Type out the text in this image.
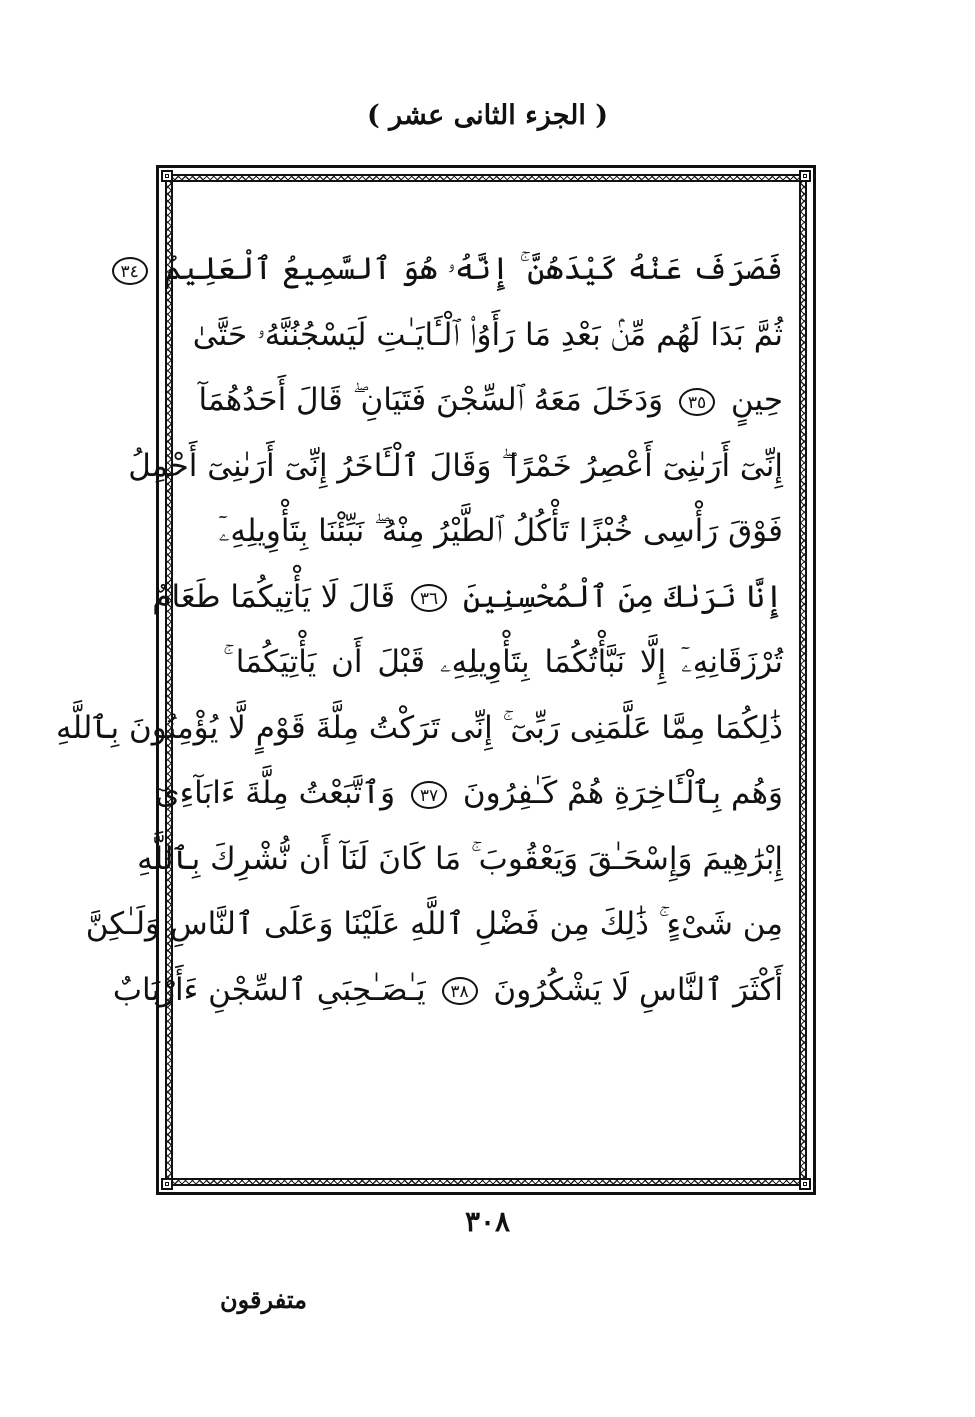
( الجزء الثانى عشر )
فَصَرَفَ عَنْهُ كَيْدَهُنَّ ۚ إِنَّهُۥ هُوَ ٱلسَّمِيعُ ٱلْعَلِيمُ ٣٤
ثُمَّ بَدَا لَهُم مِّنۢ بَعْدِ مَا رَأَوُا۟ ٱلْـَٔايَـٰتِ لَيَسْجُنُنَّهُۥ حَتَّىٰ
حِينٍ ٣٥ وَدَخَلَ مَعَهُ ٱلسِّجْنَ فَتَيَانِ ۖ قَالَ أَحَدُهُمَآ
إِنِّىٓ أَرَىٰنِىٓ أَعْصِرُ خَمْرًا ۖ وَقَالَ ٱلْـَٔاخَرُ إِنِّىٓ أَرَىٰنِىٓ أَحْمِلُ
فَوْقَ رَأْسِى خُبْزًا تَأْكُلُ ٱلطَّيْرُ مِنْهُ ۖ نَبِّئْنَا بِتَأْوِيلِهِۦٓ
إِنَّا نَرَىٰكَ مِنَ ٱلْمُحْسِنِينَ ٣٦ قَالَ لَا يَأْتِيكُمَا طَعَامٌ
تُرْزَقَانِهِۦٓ إِلَّا نَبَّأْتُكُمَا بِتَأْوِيلِهِۦ قَبْلَ أَن يَأْتِيَكُمَا ۚ
ذَٰلِكُمَا مِمَّا عَلَّمَنِى رَبِّىٓ ۚ إِنِّى تَرَكْتُ مِلَّةَ قَوْمٍ لَّا يُؤْمِنُونَ بِٱللَّهِ
وَهُم بِٱلْـَٔاخِرَةِ هُمْ كَـٰفِرُونَ ٣٧ وَٱتَّبَعْتُ مِلَّةَ ءَابَآءِىٓ
إِبْرَٰهِيمَ وَإِسْحَـٰقَ وَيَعْقُوبَ ۚ مَا كَانَ لَنَآ أَن نُّشْرِكَ بِٱللَّهِ
مِن شَىْءٍ ۚ ذَٰلِكَ مِن فَضْلِ ٱللَّهِ عَلَيْنَا وَعَلَى ٱلنَّاسِ وَلَـٰكِنَّ
أَكْثَرَ ٱلنَّاسِ لَا يَشْكُرُونَ ٣٨ يَـٰصَـٰحِبَىِ ٱلسِّجْنِ ءَأَرْبَابٌ
٣٠٨
متفرقون
